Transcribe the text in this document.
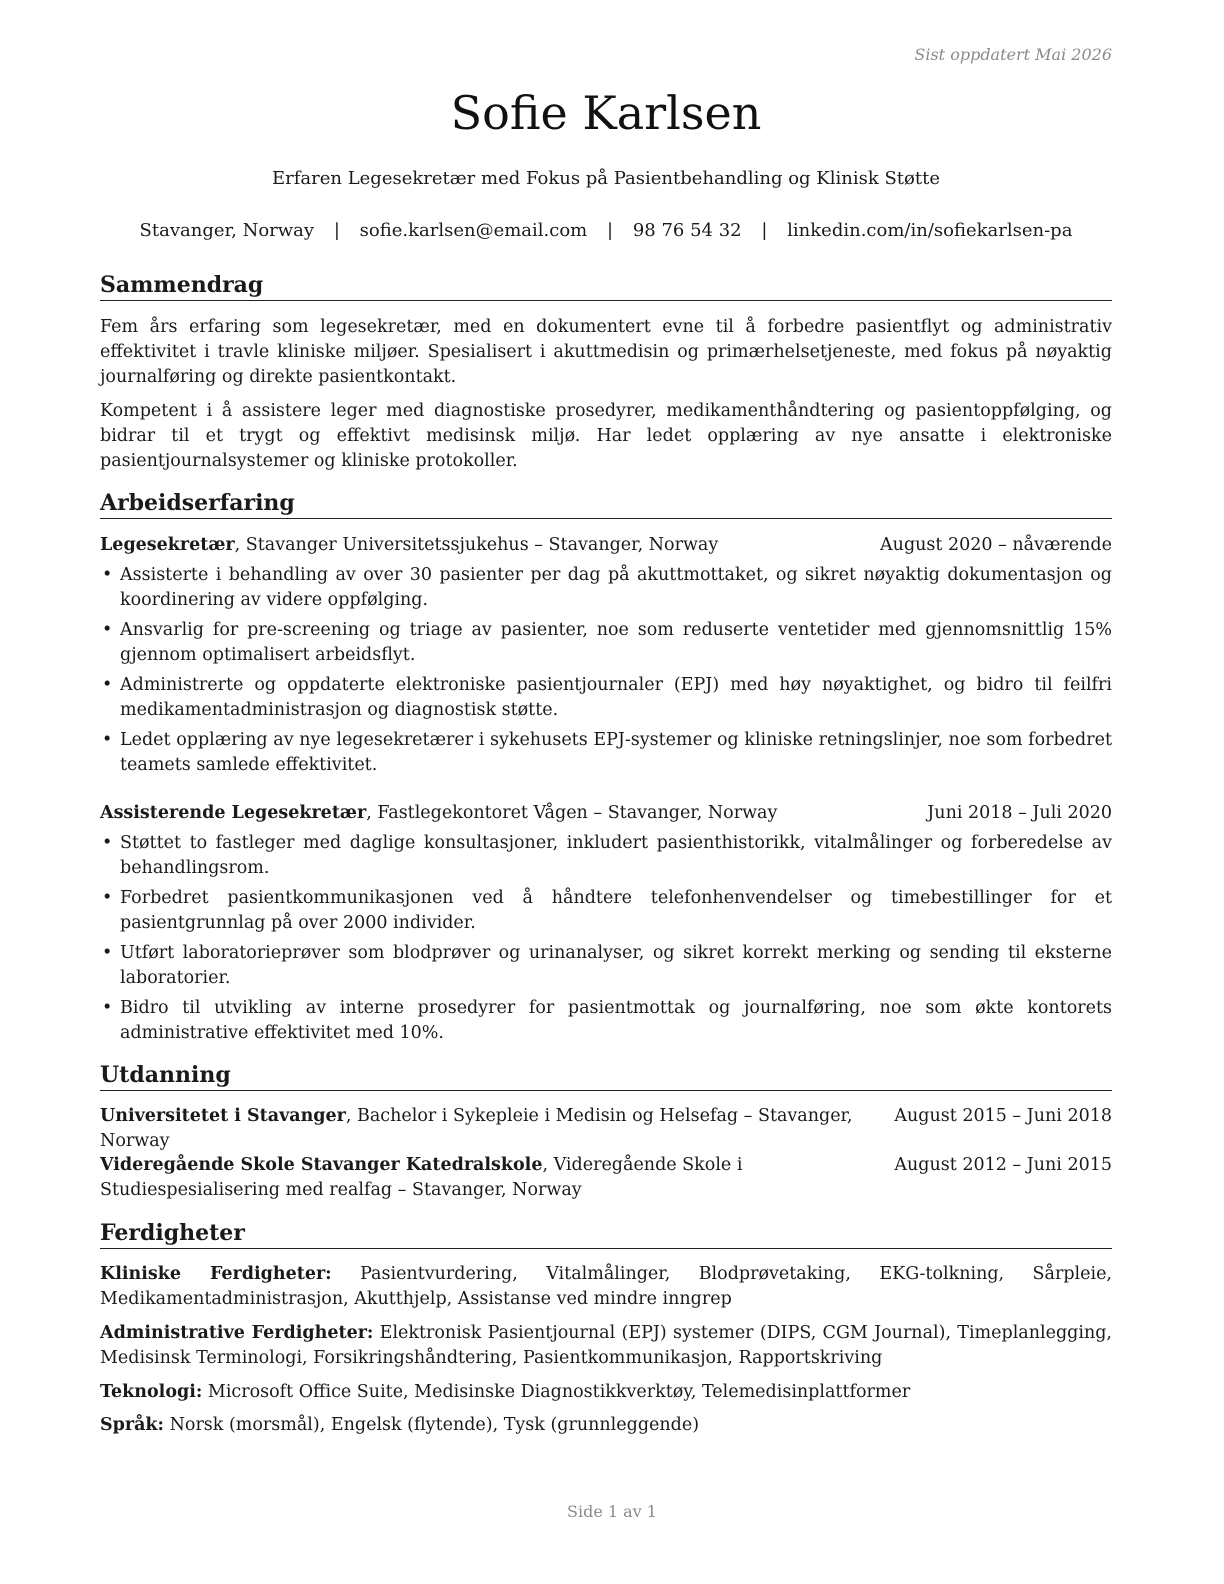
Sist oppdatert Mai 2026
Sofie Karlsen
Erfaren Legesekretær med Fokus på Pasientbehandling og Klinisk Støtte
Stavanger, Norway | sofie.karlsen@email.com | 98 76 54 32 | linkedin.com/in/sofiekarlsen-pa
Sammendrag
Fem års erfaring som legesekretær, med en dokumentert evne til å forbedre pasientflyt og administrativ effektivitet i travle kliniske miljøer. Spesialisert i akuttmedisin og primærhelsetjeneste, med fokus på nøyaktig journalføring og direkte pasientkontakt.
Kompetent i å assistere leger med diagnostiske prosedyrer, medikamenthåndtering og pasientoppfølging, og bidrar til et trygt og effektivt medisinsk miljø. Har ledet opplæring av nye ansatte i elektroniske pasientjournalsystemer og kliniske protokoller.
Arbeidserfaring
Legesekretær, Stavanger Universitetssjukehus – Stavanger, Norway	August 2020 – nåværende
• Assisterte i behandling av over 30 pasienter per dag på akuttmottaket, og sikret nøyaktig dokumentasjon og koordinering av videre oppfølging.
• Ansvarlig for pre-screening og triage av pasienter, noe som reduserte ventetider med gjennomsnittlig 15% gjennom optimalisert arbeidsflyt.
• Administrerte og oppdaterte elektroniske pasientjournaler (EPJ) med høy nøyaktighet, og bidro til feilfri medikamentadministrasjon og diagnostisk støtte.
• Ledet opplæring av nye legesekretærer i sykehusets EPJ-systemer og kliniske retningslinjer, noe som forbedret teamets samlede effektivitet.
Assisterende Legesekretær, Fastlegekontoret Vågen – Stavanger, Norway	Juni 2018 – Juli 2020
• Støttet to fastleger med daglige konsultasjoner, inkludert pasienthistorikk, vitalmålinger og forberedelse av behandlingsrom.
• Forbedret pasientkommunikasjonen ved å håndtere telefonhenvendelser og timebestillinger for et pasientgrunnlag på over 2000 individer.
• Utført laboratorieprøver som blodprøver og urinanalyser, og sikret korrekt merking og sending til eksterne laboratorier.
• Bidro til utvikling av interne prosedyrer for pasientmottak og journalføring, noe som økte kontorets administrative effektivitet med 10%.
Utdanning
Universitetet i Stavanger, Bachelor i Sykepleie i Medisin og Helsefag – Stavanger, Norway
August 2015 – Juni 2018
Videregående Skole Stavanger Katedralskole, Videregående Skole i Studiespesialisering med realfag – Stavanger, Norway
August 2012 – Juni 2015
Ferdigheter
Kliniske Ferdigheter: Pasientvurdering, Vitalmålinger, Blodprøvetaking, EKG-tolkning, Sårpleie, Medikamentadministrasjon, Akutthjelp, Assistanse ved mindre inngrep
Administrative Ferdigheter: Elektronisk Pasientjournal (EPJ) systemer (DIPS, CGM Journal), Timeplanlegging, Medisinsk Terminologi, Forsikringshåndtering, Pasientkommunikasjon, Rapportskriving
Teknologi: Microsoft Office Suite, Medisinske Diagnostikkverktøy, Telemedisinplattformer
Språk: Norsk (morsmål), Engelsk (flytende), Tysk (grunnleggende)
Side 1 av 1
